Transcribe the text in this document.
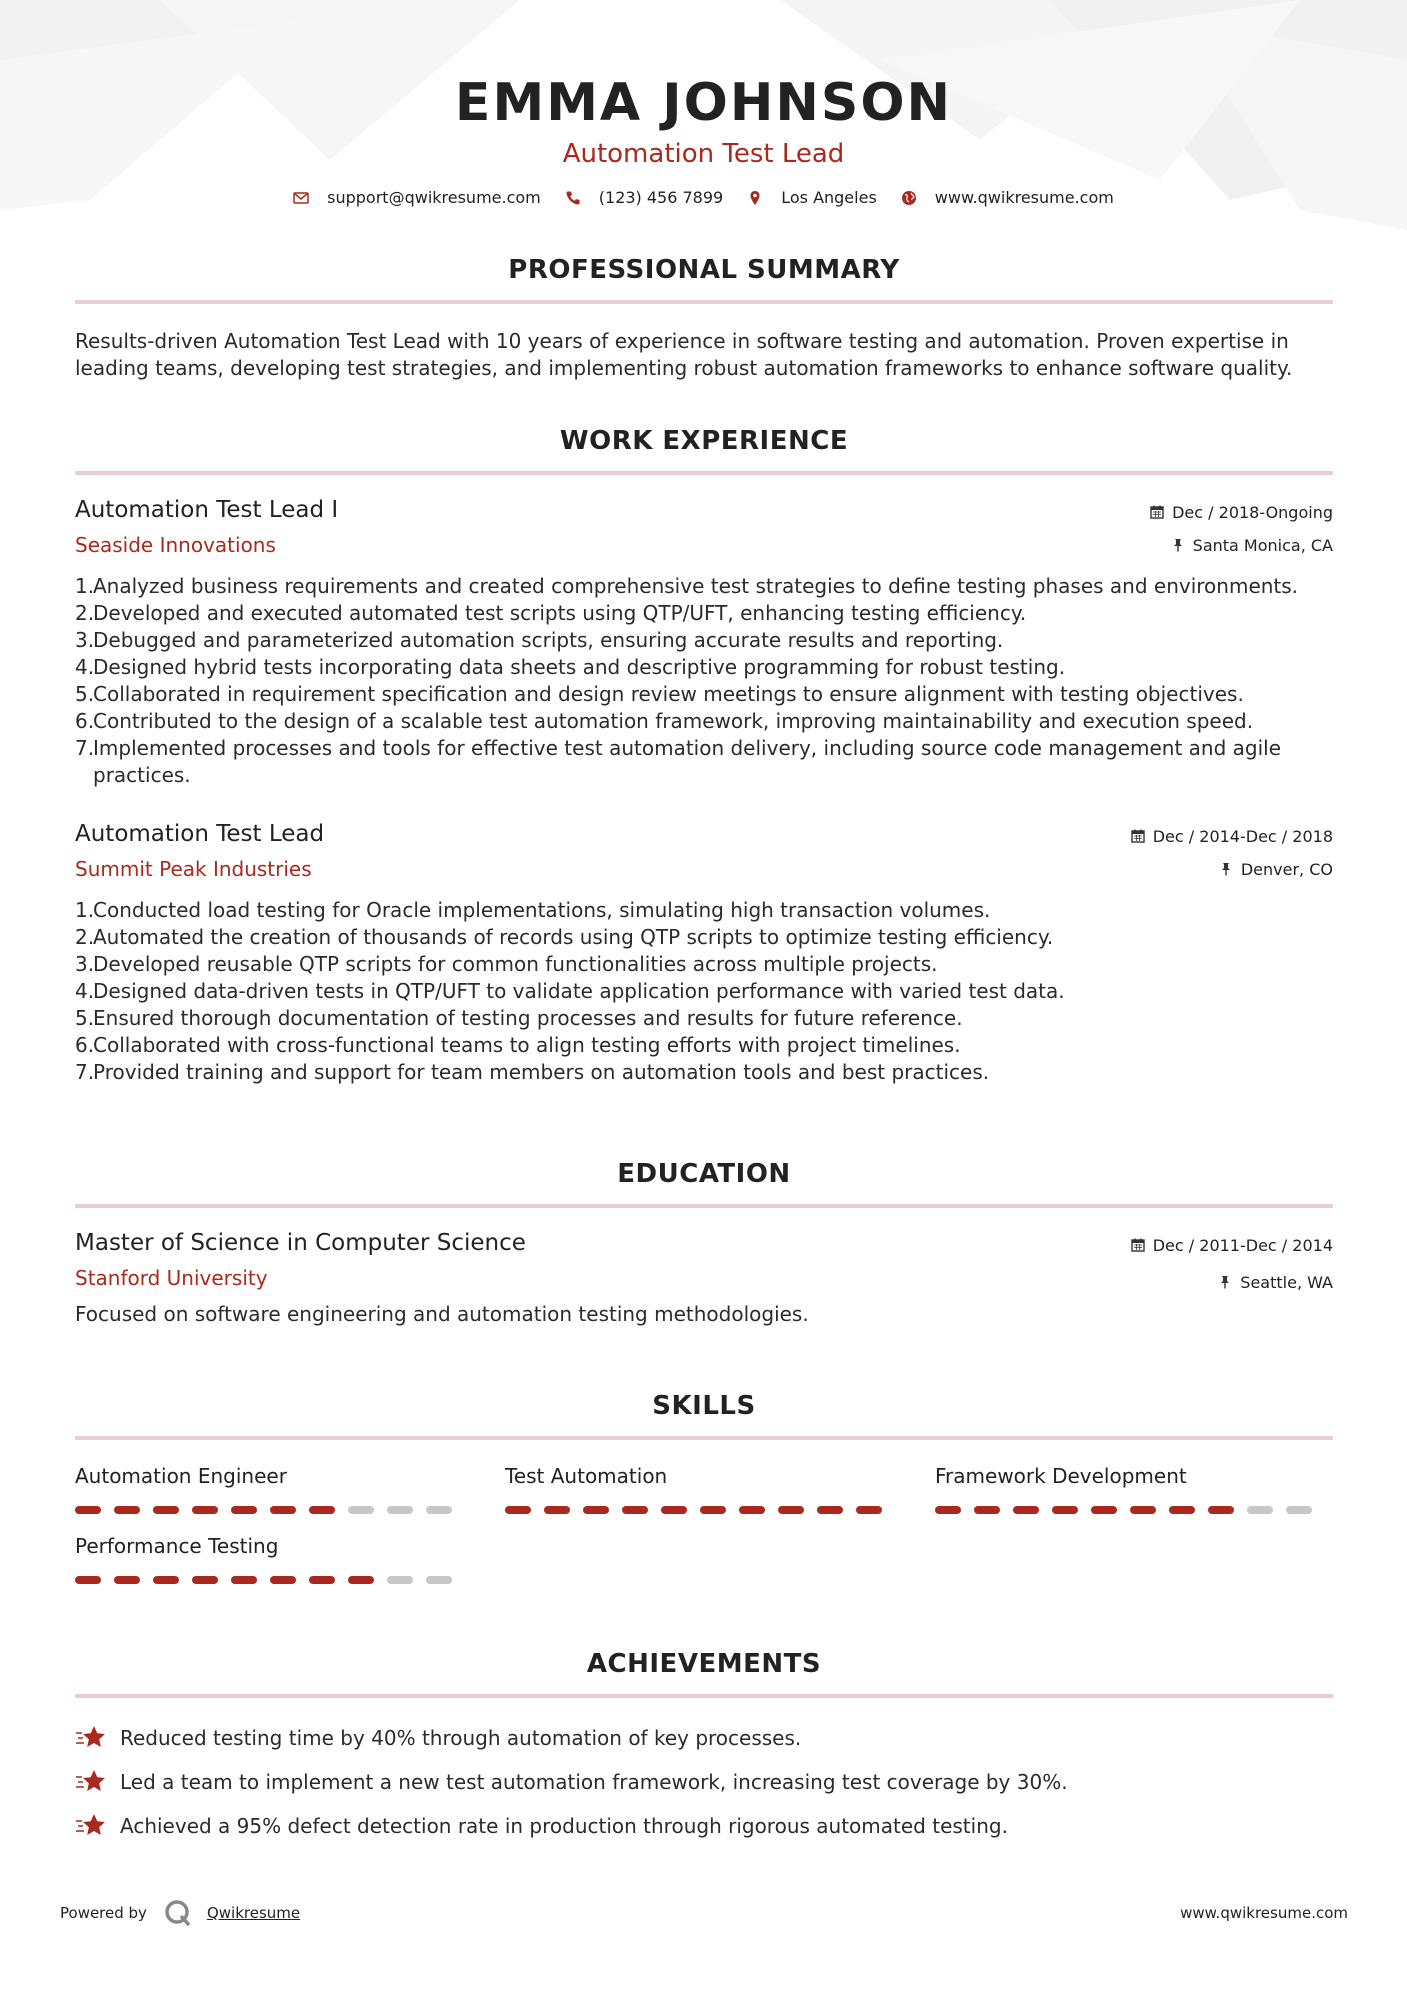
EMMA JOHNSON
Automation Test Lead
support@qwikresume.com	(123) 456 7899	Los Angeles	www.qwikresume.com
PROFESSIONAL SUMMARY
Results-driven Automation Test Lead with 10 years of experience in software testing and automation. Proven expertise in leading teams, developing test strategies, and implementing robust automation frameworks to enhance software quality.
WORK EXPERIENCE
Automation Test Lead I
Seaside Innovations
Dec / 2018-Ongoing
Santa Monica, CA
1.
Analyzed business requirements and created comprehensive test strategies to define testing phases and environments.
2.
Developed and executed automated test scripts using QTP/UFT, enhancing testing efficiency.
3.
Debugged and parameterized automation scripts, ensuring accurate results and reporting.
4.
Designed hybrid tests incorporating data sheets and descriptive programming for robust testing.
5.
Collaborated in requirement specification and design review meetings to ensure alignment with testing objectives.
6.
Contributed to the design of a scalable test automation framework, improving maintainability and execution speed.
7.
Implemented processes and tools for effective test automation delivery, including source code management and agile practices.
Automation Test Lead
Summit Peak Industries
Dec / 2014-Dec / 2018
Denver, CO
1.
Conducted load testing for Oracle implementations, simulating high transaction volumes.
2.
Automated the creation of thousands of records using QTP scripts to optimize testing efficiency.
3.
Developed reusable QTP scripts for common functionalities across multiple projects.
4.
Designed data-driven tests in QTP/UFT to validate application performance with varied test data.
5.
Ensured thorough documentation of testing processes and results for future reference.
6.
Collaborated with cross-functional teams to align testing efforts with project timelines.
7.
Provided training and support for team members on automation tools and best practices.
EDUCATION
Master of Science in Computer Science
Stanford University
Dec / 2011-Dec / 2014
Seattle, WA
Focused on software engineering and automation testing methodologies.
SKILLS
Automation Engineer	Test Automation	Framework Development
Performance Testing
ACHIEVEMENTS
Reduced testing time by 40% through automation of key processes.
Led a team to implement a new test automation framework, increasing test coverage by 30%.
Achieved a 95% defect detection rate in production through rigorous automated testing.
Powered by	Qwikresume	www.qwikresume.com
